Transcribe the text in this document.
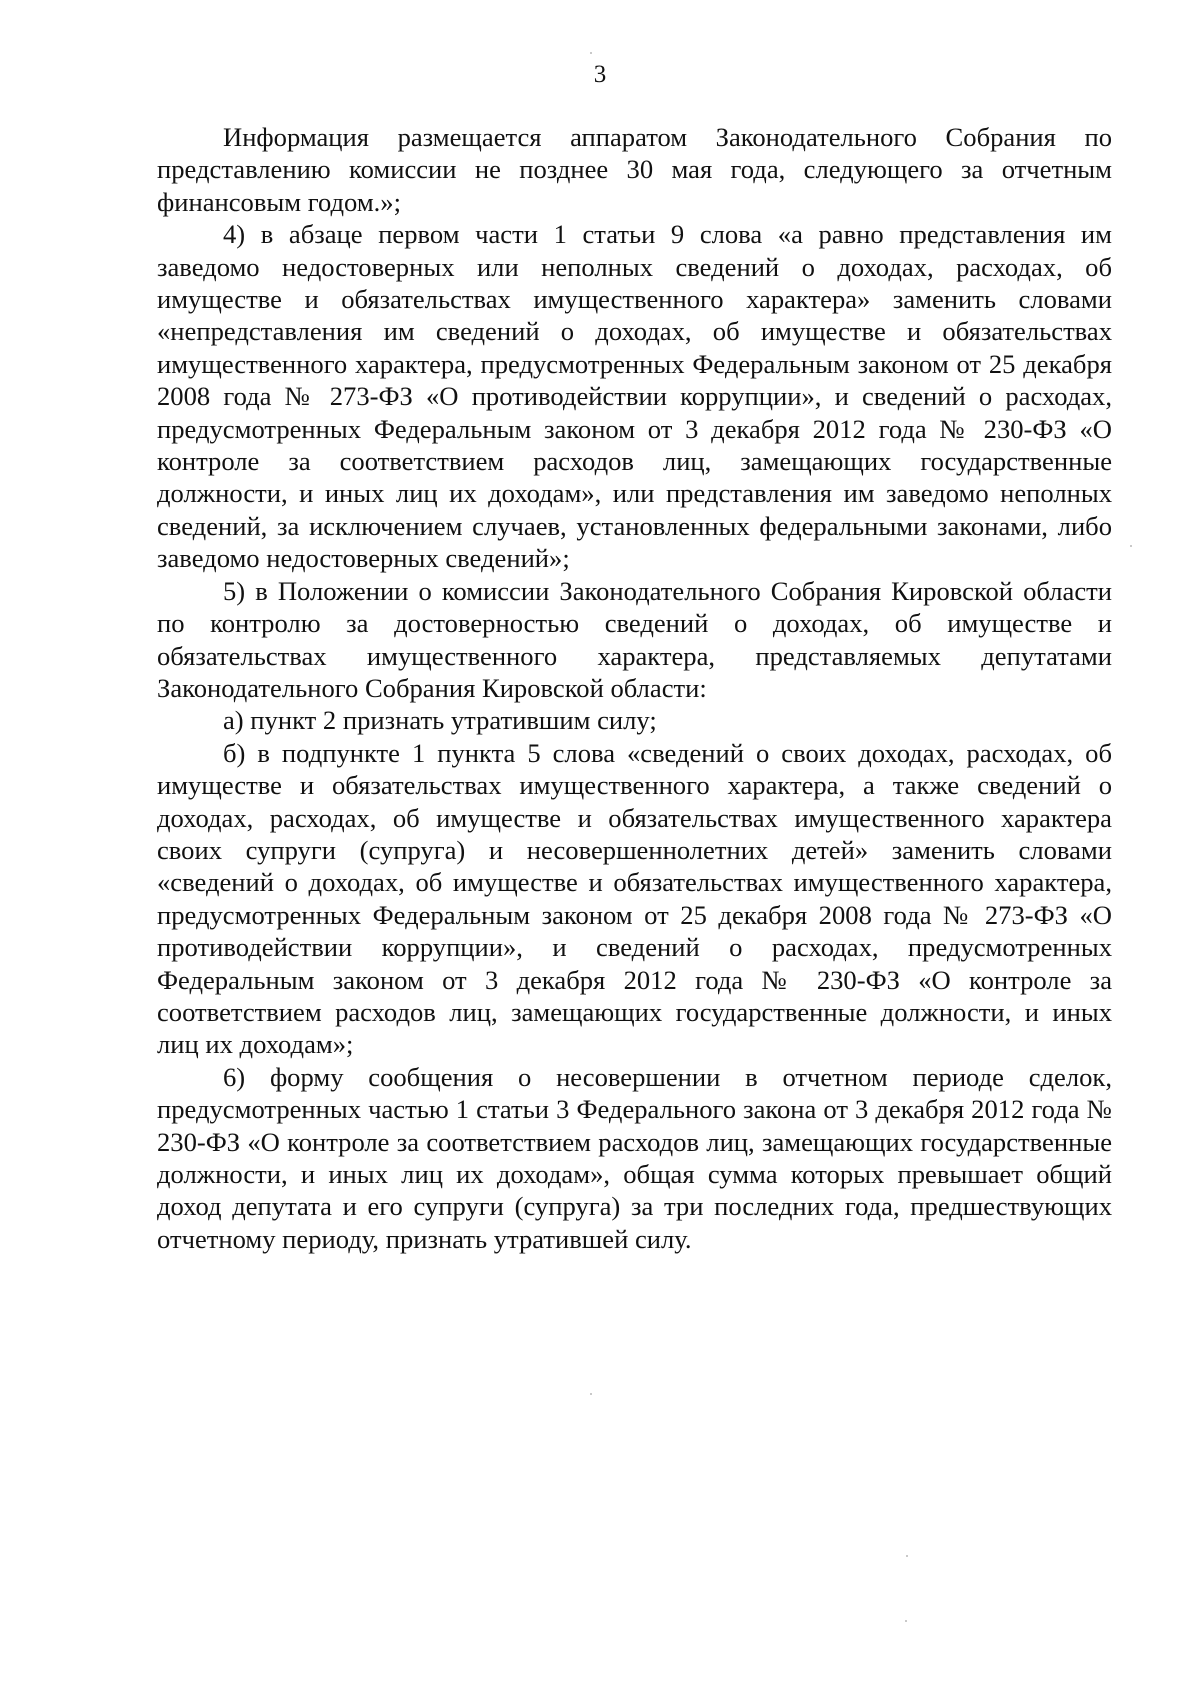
3

Информация размещается аппаратом Законодательного Собрания по представлению комиссии не позднее 30 мая года, следующего за отчетным финансовым годом.»;

4) в абзаце первом части 1 статьи 9 слова «а равно представления им заведомо недостоверных или неполных сведений о доходах, расходах, об имуществе и обязательствах имущественного характера» заменить словами «непредставления им сведений о доходах, об имуществе и обязательствах имущественного характера, предусмотренных Федеральным законом от 25 декабря 2008 года № 273-ФЗ «О противодействии коррупции», и сведений о расходах, предусмотренных Федеральным законом от 3 декабря 2012 года № 230-ФЗ «О контроле за соответствием расходов лиц, замещающих государственные должности, и иных лиц их доходам», или представления им заведомо неполных сведений, за исключением случаев, установленных федеральными законами, либо заведомо недостоверных сведений»;

5) в Положении о комиссии Законодательного Собрания Кировской области по контролю за достоверностью сведений о доходах, об имуществе и обязательствах имущественного характера, представляемых депутатами Законодательного Собрания Кировской области:

а) пункт 2 признать утратившим силу;

б) в подпункте 1 пункта 5 слова «сведений о своих доходах, расходах, об имуществе и обязательствах имущественного характера, а также сведений о доходах, расходах, об имуществе и обязательствах имущественного характера своих супруги (супруга) и несовершеннолетних детей» заменить словами «сведений о доходах, об имуществе и обязательствах имущественного характера, предусмотренных Федеральным законом от 25 декабря 2008 года № 273-ФЗ «О противодействии коррупции», и сведений о расходах, предусмотренных Федеральным законом от 3 декабря 2012 года № 230-ФЗ «О контроле за соответствием расходов лиц, замещающих государственные должности, и иных лиц их доходам»;

6) форму сообщения о несовершении в отчетном периоде сделок, предусмотренных частью 1 статьи 3 Федерального закона от 3 декабря 2012 года № 230-ФЗ «О контроле за соответствием расходов лиц, замещающих государственные должности, и иных лиц их доходам», общая сумма которых превышает общий доход депутата и его супруги (супруга) за три последних года, предшествующих отчетному периоду, признать утратившей силу.
